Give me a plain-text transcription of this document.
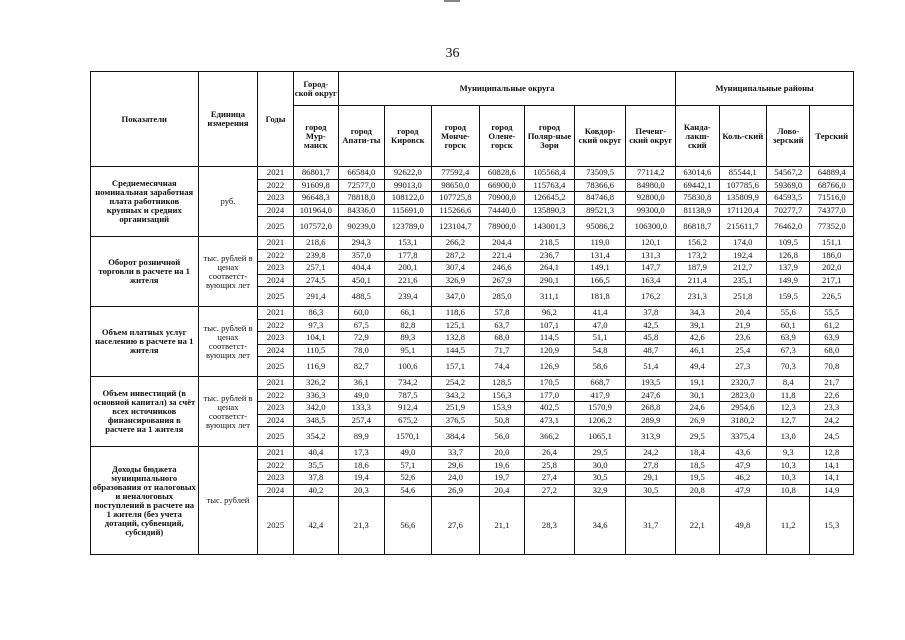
36
Показатели	Единица измерения	Годы	Город-ской округ	Муниципальные округа							Муниципальные районы			
			город Мур-манск	город Апати-ты	город Кировск	город Монче-горск	город Олене-горск	город Поляр-ные Зори	Ковдор-ский округ	Печенг-ский округ	Канда-лакш-ский	Коль-ский	Ловo-зерский	Терский
Среднемесячная номинальная заработная плата работников крупных и средних организаций	руб.	2021	86801,7	66584,0	92622,0	77592,4	60828,6	105568,4	73509,5	77114,2	63014,6	85544,1	54567,2	64889,4
		2022	91609,8	72577,0	99013,0	98650,0	66900,0	115763,4	78366,6	84980,0	69442,1	107785,6	59369,0	68766,0
		2023	96648,3	78818,0	108122,0	107725,8	70900,0	126645,2	84746,8	92800,0	75830,8	135809,9	64593,5	71516,0
		2024	101964,0	84336,0	115691,0	115266,6	74440,0	135890,3	89521,3	99300,0	81138,9	171120,4	70277,7	74377,0
		2025	107572,0	90239,0	123789,0	123104,7	78900,0	143001,3	95086,2	106300,0	86818,7	215611,7	76462,0	77352,0
Оборот розничной торговли в расчете на 1 жителя	тыс. рублей в ценах соответст-вующих лет	2021	218,6	294,3	153,1	266,2	204,4	218,5	119,0	120,1	156,2	174,0	109,5	151,1
		2022	239,8	357,0	177,8	287,2	221,4	236,7	131,4	131,3	173,2	192,4	126,8	186,0
		2023	257,1	404,4	200,1	307,4	246,6	264,1	149,1	147,7	187,9	212,7	137,9	202,0
		2024	274,5	450,1	221,6	326,9	267,9	290,1	166,5	163,4	211,4	235,1	149,9	217,1
		2025	291,4	488,5	239,4	347,0	285,0	311,1	181,8	176,2	231,3	251,8	159,5	226,5
Объем платных услуг населению в расчете на 1 жителя	тыс. рублей в ценах соответст-вующих лет	2021	86,3	60,0	66,1	118,6	57,8	96,2	41,4	37,8	34,3	20,4	55,6	55,5
		2022	97,3	67,5	82,8	125,1	63,7	107,1	47,0	42,5	39,1	21,9	60,1	61,2
		2023	104,1	72,9	89,3	132,8	68,0	114,5	51,1	45,8	42,6	23,6	63,9	63,9
		2024	110,5	78,0	95,1	144,5	71,7	120,9	54,8	48,7	46,1	25,4	67,3	68,0
		2025	116,9	82,7	100,6	157,1	74,4	126,9	58,6	51,4	49,4	27,3	70,3	70,8
Объем инвестиций (в основной капитал) за счёт всех источников финансирования в расчете на 1 жителя	тыс. рублей в ценах соответст-вующих лет	2021	326,2	36,1	734,2	254,2	128,5	170,5	668,7	193,5	19,1	2320,7	8,4	21,7
		2022	336,3	49,0	787,5	343,2	156,3	177,0	417,9	247,6	30,1	2823,0	11,8	22,6
		2023	342,0	133,3	912,4	251,9	153,9	402,5	1570,9	268,8	24,6	2954,6	12,3	23,3
		2024	348,5	257,4	675,2	376,5	50,8	473,1	1206,2	289,9	26,9	3180,2	12,7	24,2
		2025	354,2	89,9	1570,1	384,4	56,0	366,2	1065,1	313,9	29,5	3375,4	13,0	24,5
Доходы бюджета муниципального образования от налоговых и неналоговых поступлений в расчете на 1 жителя (без учета дотаций, субвенций, субсидий)	тыс. рублей	2021	40,4	17,3	49,0	33,7	20,0	26,4	29,5	24,2	18,4	43,6	9,3	12,8
		2022	35,5	18,6	57,1	29,6	19,6	25,8	30,0	27,8	18,5	47,9	10,3	14,1
		2023	37,8	19,4	52,6	24,0	19,7	27,4	30,5	29,1	19,5	46,2	10,3	14,1
		2024	40,2	20,3	54,6	26,9	20,4	27,2	32,9	30,5	20,8	47,9	10,8	14,9
		2025	42,4	21,3	56,6	27,6	21,1	28,3	34,6	31,7	22,1	49,8	11,2	15,3
